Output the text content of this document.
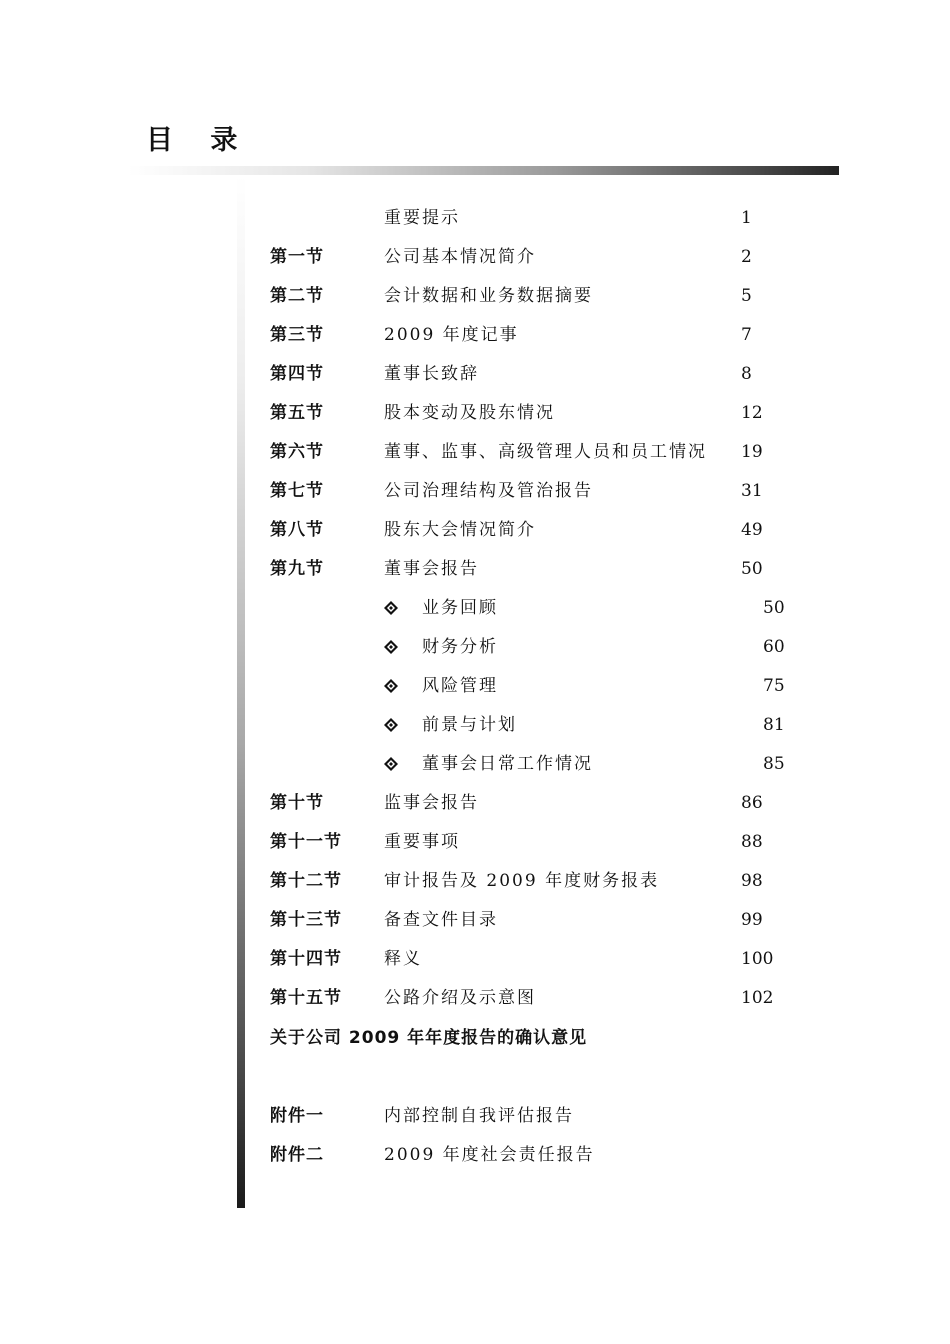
目 录
重要提示	1
第一节	公司基本情况简介	2
第二节	会计数据和业务数据摘要	5
第三节	2009 年度记事	7
第四节	董事长致辞	8
第五节	股本变动及股东情况	12
第六节	董事、监事、高级管理人员和员工情况 19
第七节	公司治理结构及管治报告	31
第八节	股东大会情况简介	49
第九节	董事会报告	50
业务回顾	50
财务分析	60
风险管理	75
前景与计划	81
董事会日常工作情况	85
第十节	监事会报告	86
第十一节 重要事项	88
第十二节 审计报告及 2009 年度财务报表	98
第十三节 备查文件目录	99
第十四节 释义	100
第十五节 公路介绍及示意图	102
关于公司 2009 年年度报告的确认意见
附件一	内部控制自我评估报告
附件二	2009 年度社会责任报告
